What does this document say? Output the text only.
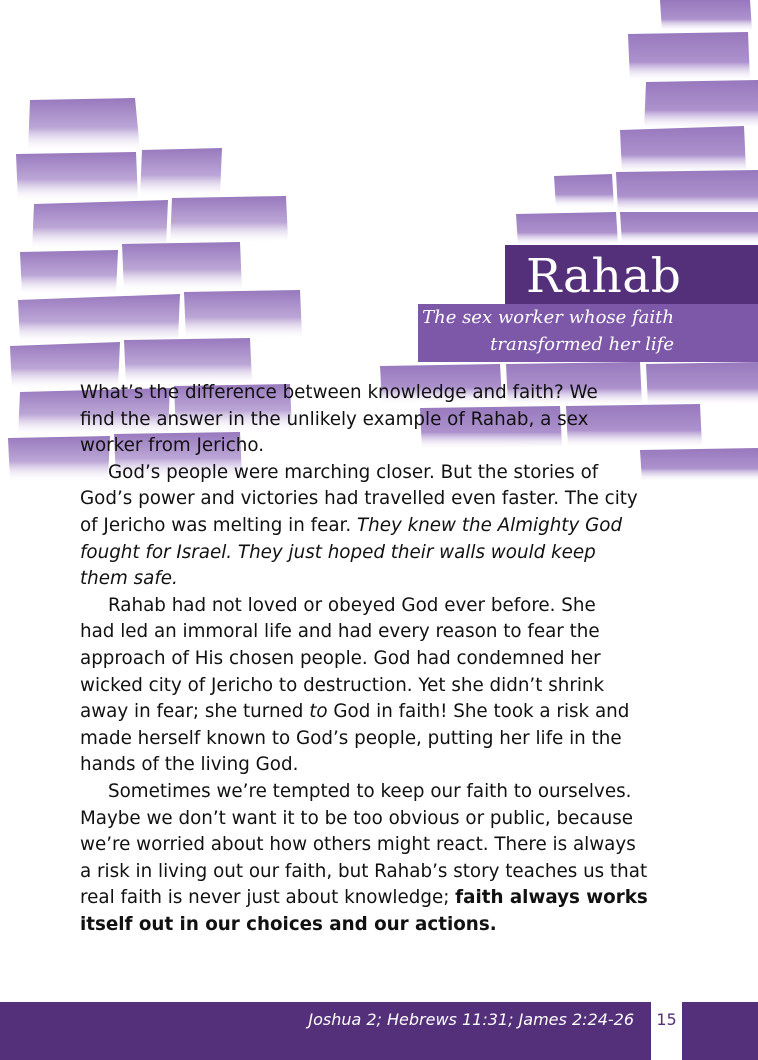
Rahab
The sex worker whose faith
transformed her life

What’s the difference between knowledge and faith? We
find the answer in the unlikely example of Rahab, a sex
worker from Jericho.

God’s people were marching closer. But the stories of
God’s power and victories had travelled even faster. The city
of Jericho was melting in fear. They knew the Almighty God
fought for Israel. They just hoped their walls would keep
them safe.

Rahab had not loved or obeyed God ever before. She
had led an immoral life and had every reason to fear the
approach of His chosen people. God had condemned her
wicked city of Jericho to destruction. Yet she didn’t shrink
away in fear; she turned to God in faith! She took a risk and
made herself known to God’s people, putting her life in the
hands of the living God.

Sometimes we’re tempted to keep our faith to ourselves.
Maybe we don’t want it to be too obvious or public, because
we’re worried about how others might react. There is always
a risk in living out our faith, but Rahab’s story teaches us that
real faith is never just about knowledge; faith always works
itself out in our choices and our actions.

Joshua 2; Hebrews 11:31; James 2:24-26	15
